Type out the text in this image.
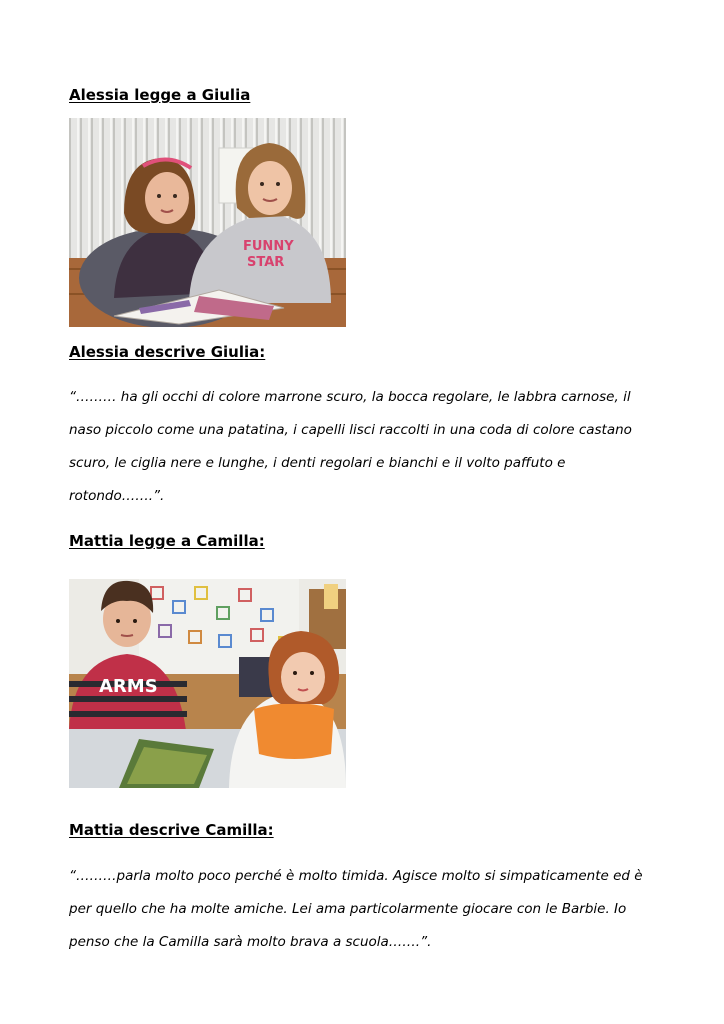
Alessia legge a Giulia
FUNNY
STAR
Alessia descrive Giulia:

“……… ha gli occhi di colore marrone scuro, la bocca regolare, le labbra carnose, il naso piccolo come una patatina, i capelli lisci raccolti in una coda di colore castano scuro, le ciglia nere e lunghe, i denti regolari e bianchi e il volto paffuto e rotondo…….”.

Mattia legge a Camilla:
ARMS
Mattia descrive Camilla:

“………parla molto poco perché è molto timida. Agisce molto si simpaticamente ed è per quello che ha molte amiche. Lei ama particolarmente giocare con le Barbie. Io penso che la Camilla sarà molto brava a scuola…….”.
